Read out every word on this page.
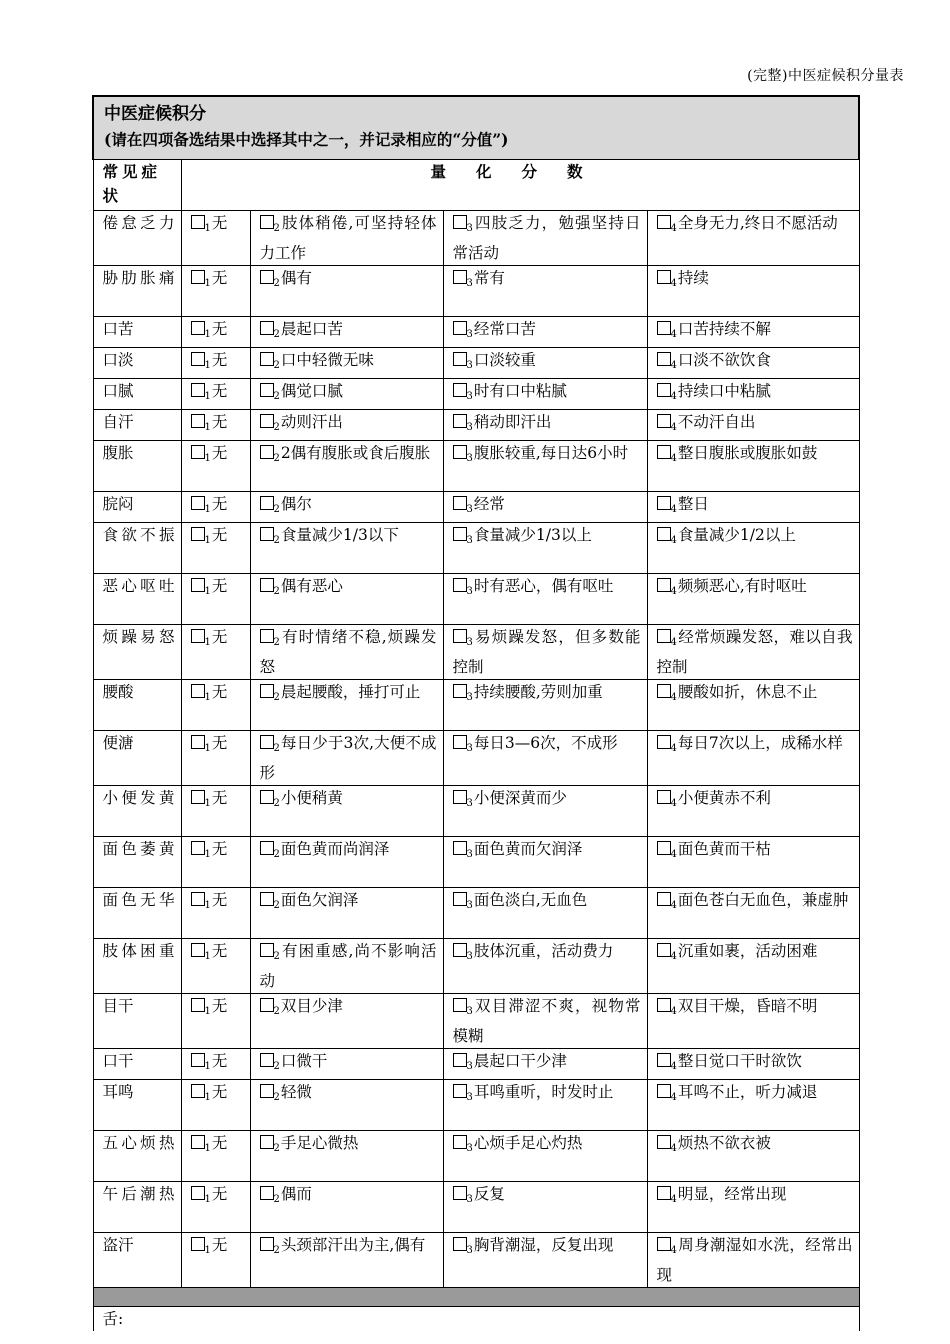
(完整)中医症候积分量表
中医症候积分
(请在四项备选结果中选择其中之一，并记录相应的“分值”)				

常见症状	量化分数			
倦怠乏力	1无	2肢体稍倦,可坚持轻体力工作	3四肢乏力，勉强坚持日常活动	4全身无力,终日不愿活动
胁肋胀痛	1无	2偶有	3常有	4持续
口苦	1无	2晨起口苦	3经常口苦	4口苦持续不解
口淡	1无	2口中轻微无味	3口淡较重	4口淡不欲饮食
口腻	1无	2偶觉口腻	3时有口中粘腻	4持续口中粘腻
自汗	1无	2动则汗出	3稍动即汗出	4不动汗自出
腹胀	1无	22偶有腹胀或食后腹胀	3腹胀较重,每日达6小时	4整日腹胀或腹胀如鼓
脘闷	1无	2偶尔	3经常	4整日
食欲不振	1无	2食量减少1/3以下	3食量减少1/3以上	4食量减少1/2以上
恶心呕吐	1无	2偶有恶心	3时有恶心，偶有呕吐	4频频恶心,有时呕吐
烦躁易怒	1无	2有时情绪不稳,烦躁发怒	3易烦躁发怒，但多数能控制	4经常烦躁发怒，难以自我控制
腰酸	1无	2晨起腰酸，捶打可止	3持续腰酸,劳则加重	4腰酸如折，休息不止
便溏	1无	2每日少于3次,大便不成形	3每日3—6次，不成形	4每日7次以上，成稀水样
小便发黄	1无	2小便稍黄	3小便深黄而少	4小便黄赤不利
面色萎黄	1无	2面色黄而尚润泽	3面色黄而欠润泽	4面色黄而干枯
面色无华	1无	2面色欠润泽	3面色淡白,无血色	4面色苍白无血色，兼虚肿
肢体困重	1无	2有困重感,尚不影响活动	3肢体沉重，活动费力	4沉重如裹，活动困难
目干	1无	2双目少津	3双目滞涩不爽，视物常模糊	4双目干燥，昏暗不明
口干	1无	2口微干	3晨起口干少津	4整日觉口干时欲饮
耳鸣	1无	2轻微	3耳鸣重听，时发时止	4耳鸣不止，听力减退
五心烦热	1无	2手足心微热	3心烦手足心灼热	4烦热不欲衣被
午后潮热	1无	2偶而	3反复	4明显，经常出现
盗汗	1无	2头颈部汗出为主,偶有	3胸背潮湿，反复出现	4周身潮湿如水洗，经常出现

舌:				
